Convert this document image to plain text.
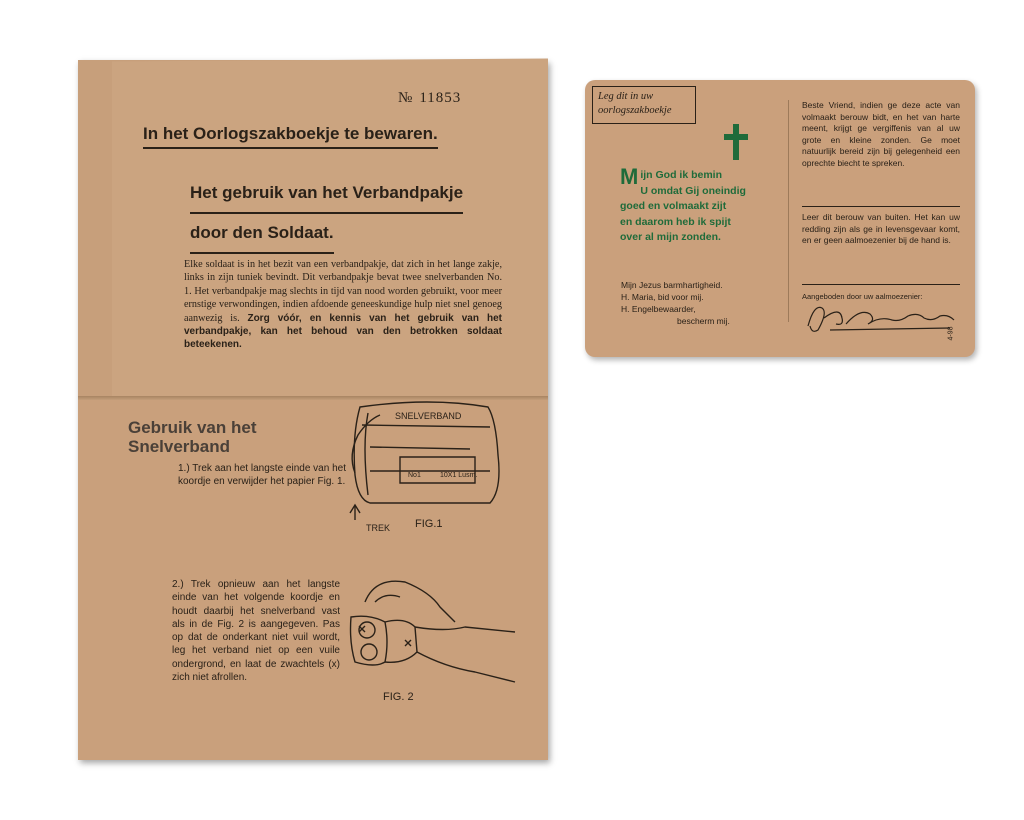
№ 11853
In het Oorlogszakboekje te bewaren.
Het gebruik van het Verbandpakje
door den Soldaat.
Elke soldaat is in het bezit van een verbandpakje, dat zich in het lange zakje, links in zijn tuniek bevindt. Dit verbandpakje bevat twee snelverbanden No. 1. Het verbandpakje mag slechts in tijd van nood worden gebruikt, voor meer ernstige verwondingen, indien afdoende geneeskundige hulp niet snel genoeg aanwezig is. Zorg vóór, en kennis van het gebruik van het verbandpakje, kan het behoud van den betrokken soldaat beteekenen.
Gebruik van het
Snelverband
1.) Trek aan het langste einde van het koordje en verwijder het papier Fig. 1.
2.) Trek opnieuw aan het langste einde van het volgende koordje en houdt daarbij het snelverband vast als in de Fig. 2 is aangegeven. Pas op dat de onderkant niet vuil wordt, leg het verband niet op een vuile ondergrond, en laat de zwachtels (x) zich niet afrollen.
SNELVERBAND
No1	10X1 Lusm.
TREK FIG.1
FIG. 2
Leg dit in uw
oorlogszakboekje
M ijn God ik bemin
U omdat Gij oneindig
goed en volmaakt zijt
en daarom heb ik spijt
over al mijn zonden.
Mijn Jezus barmhartigheid.
H. Maria, bid voor mij.
H. Engelbewaarder,
bescherm mij.

Beste Vriend, indien ge deze acte van volmaakt berouw bidt, en het van harte meent, krijgt ge vergiffenis van al uw grote en kleine zonden. Ge moet natuurlijk bereid zijn bij gelegenheid een oprechte biecht te spreken.

Leer dit berouw van buiten. Het kan uw redding zijn als ge in levensgevaar komt, en er geen aalmoezenier bij de hand is.

Aangeboden door uw aalmoezenier:
4-98
